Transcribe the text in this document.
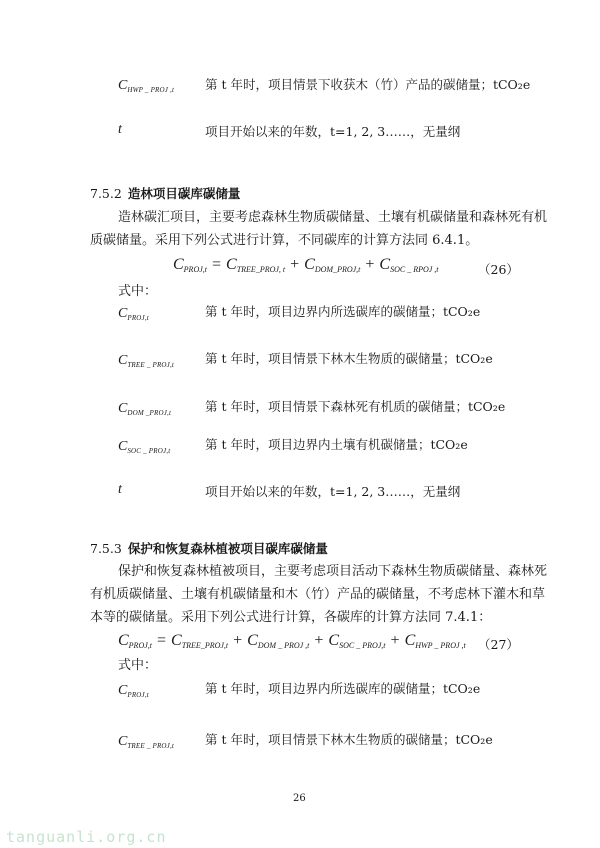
$C_{HWP \_ PROJ ,t}$ 第 t 年时，项目情景下收获木（竹）产品的碳储量；tCO₂e
t	项目开始以来的年数，t=1, 2, 3……，无量纲
7.5.2 造林项目碳库碳储量
造林碳汇项目，主要考虑森林生物质碳储量、土壤有机碳储量和森林死有机
质碳储量。采用下列公式进行计算，不同碳库的计算方法同 6.4.1。
$C_{PROJ,t} = C_{TREE\_PROJ, t} + C_{DOM\_PROJ,t} + C_{SOC \_ RPOJ ,t}$	（26）
式中：
$C_{PROJ,t}$	第 t 年时，项目边界内所选碳库的碳储量；tCO₂e
$C_{TREE \_ PROJ,t}$ 第 t 年时，项目情景下林木生物质的碳储量；tCO₂e
$C_{DOM \_PROJ,t}$	第 t 年时，项目情景下森林死有机质的碳储量；tCO₂e
$C_{SOC \_ PROJ,t}$	第 t 年时，项目边界内土壤有机碳储量；tCO₂e
t	项目开始以来的年数，t=1, 2, 3……，无量纲
7.5.3 保护和恢复森林植被项目碳库碳储量
保护和恢复森林植被项目，主要考虑项目活动下森林生物质碳储量、森林死
有机质碳储量、土壤有机碳储量和木（竹）产品的碳储量，不考虑林下灌木和草
本等的碳储量。采用下列公式进行计算，各碳库的计算方法同 7.4.1：
$C_{PROJ,t} = C_{TREE\_PROJ,t} + C_{DOM \_ PROJ ,t} + C_{SOC \_ PROJ,t} + C_{HWP \_ PROJ ,t}$ （27）
式中：
$C_{PROJ,t}$	第 t 年时，项目边界内所选碳库的碳储量；tCO₂e
$C_{TREE \_ PROJ,t}$ 第 t 年时，项目情景下林木生物质的碳储量；tCO₂e
26
tanguanli.org.cn
